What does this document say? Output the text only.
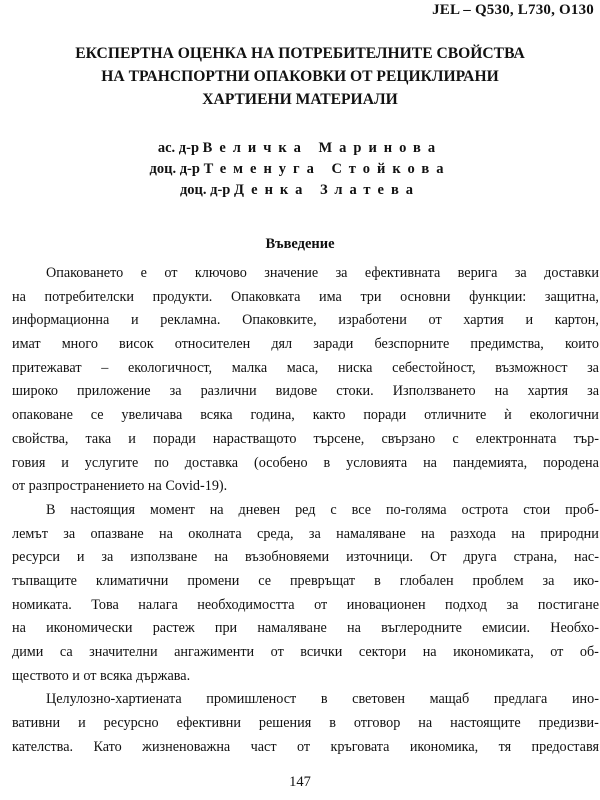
JEL – Q530, L730, O130
ЕКСПЕРТНА ОЦЕНКА НА ПОТРЕБИТЕЛНИТЕ СВОЙСТВА
НА ТРАНСПОРТНИ ОПАКОВКИ ОТ РЕЦИКЛИРАНИ
ХАРТИЕНИ МАТЕРИАЛИ
ас. д-р Величка Маринова
доц. д-р Теменуга Стойкова
доц. д-р Денка Златева
Въведение
Опаковането е от ключово значение за ефективната верига за доставки
на потребителски продукти. Опаковката има три основни функции: защитна,
информационна и рекламна. Опаковките, изработени от хартия и картон,
имат много висок относителен дял заради безспорните предимства, които
притежават – екологичност, малка маса, ниска себестойност, възможност за
широко приложение за различни видове стоки. Използването на хартия за
опаковане се увеличава всяка година, както поради отличните ѝ екологични
свойства, така и поради нарастващото търсене, свързано с електронната тър-
говия и услугите по доставка (особено в условията на пандемията, породена
от разпространението на Covid-19).
В настоящия момент на дневен ред с все по-голяма острота стои проб-
лемът за опазване на околната среда, за намаляване на разхода на природни
ресурси и за използване на възобновяеми източници. От друга страна, нас-
тъпващите климатични промени се превръщат в глобален проблем за ико-
номиката. Това налага необходимостта от иновационен подход за постигане
на икономически растеж при намаляване на въглеродните емисии. Необхо-
дими са значителни ангажименти от всички сектори на икономиката, от об-
ществото и от всяка държава.
Целулозно-хартиената промишленост в световен мащаб предлага ино-
вативни и ресурсно ефективни решения в отговор на настоящите предизви-
кателства. Като жизненоважна част от кръговата икономика, тя предоставя
147
